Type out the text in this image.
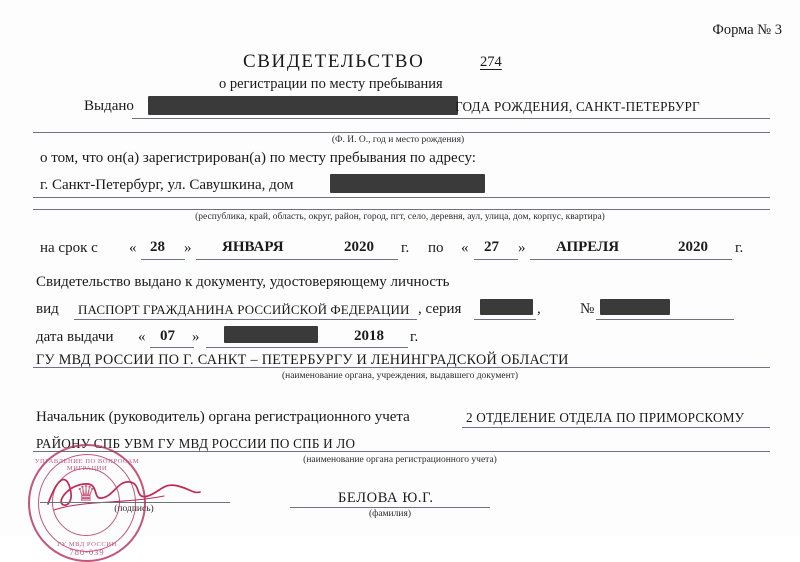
Форма № 3
СВИДЕТЕЛЬСТВО	274
о регистрации по месту пребывания
Выдано	ГОДА РОЖДЕНИЯ, САНКТ-ПЕТЕРБУРГ
(Ф. И. О., год и место рождения)
о том, что он(а) зарегистрирован(а) по месту пребывания по адресу:
г. Санкт-Петербург, ул. Савушкина, дом
(республика, край, область, округ, район, город, пгт, село, деревня, аул, улица, дом, корпус, квартира)
на срок с « 28 » ЯНВАРЯ	2020 г. по « 27 » АПРЕЛЯ	2020 г.
Свидетельство выдано к документу, удостоверяющему личность
вид ПАСПОРТ ГРАЖДАНИНА РОССИЙСКОЙ ФЕДЕРАЦИИ , серия	,	№
дата выдачи « 07 »	2018 г.
ГУ МВД РОССИИ ПО Г. САНКТ – ПЕТЕРБУРГУ И ЛЕНИНГРАДСКОЙ ОБЛАСТИ
(наименование органа, учреждения, выдавшего документ)
Начальник (руководитель) органа регистрационного учета	2 ОТДЕЛЕНИЕ ОТДЕЛА ПО ПРИМОРСКОМУ
РАЙОНУ СПБ УВМ ГУ МВД РОССИИ ПО СПБ И ЛО
(наименование органа регистрационного учета)
(подпись)
БЕЛОВА Ю.Г.
(фамилия)
УПРАВЛЕНИЕ ПО ВОПРОСАМ МИГРАЦИИ
♛
ГУ МВД РОССИИ
780-039
